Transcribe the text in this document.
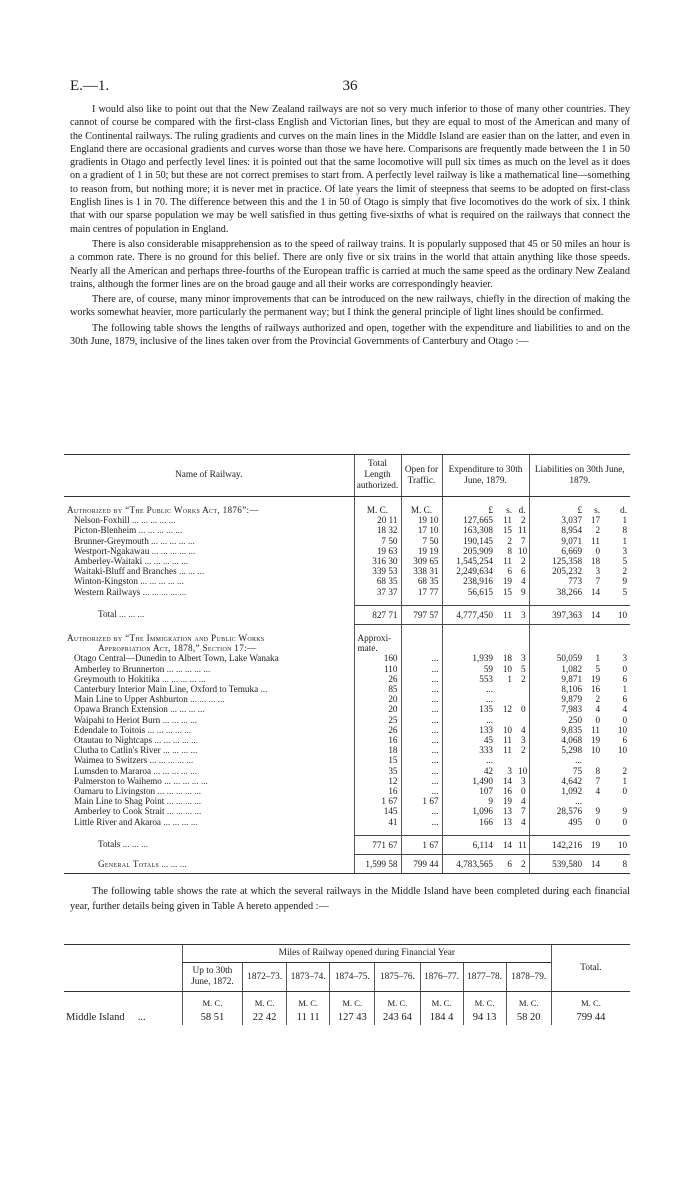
E.—1.	36

I would also like to point out that the New Zealand railways are not so very much inferior to those of many other countries. They cannot of course be compared with the first-class English and Victorian lines, but they are equal to most of the American and many of the Continental railways. The ruling gradients and curves on the main lines in the Middle Island are easier than on the latter, and even in England there are occasional gradients and curves worse than those we have here. Comparisons are frequently made between the 1 in 50 gradients in Otago and perfectly level lines: it is pointed out that the same locomotive will pull six times as much on the level as it does on a gradient of 1 in 50; but these are not correct premises to start from. A perfectly level railway is like a mathematical line—something to reason from, but nothing more; it is never met in practice. Of late years the limit of steepness that seems to be adopted on first-class English lines is 1 in 70. The difference between this and the 1 in 50 of Otago is simply that five locomotives do the work of six. I think that with our sparse population we may be well satisfied in thus getting five-sixths of what is required on the railways that connect the main centres of population in England.

There is also considerable misapprehension as to the speed of railway trains. It is popularly supposed that 45 or 50 miles an hour is a common rate. There is no ground for this belief. There are only five or six trains in the world that attain anything like those speeds. Nearly all the American and perhaps three-fourths of the European traffic is carried at much the same speed as the ordinary New Zealand trains, although the former lines are on the broad gauge and all their works are correspondingly heavier.

There are, of course, many minor improvements that can be introduced on the new railways, chiefly in the direction of making the works somewhat heavier, more particularly the permanent way; but I think the general principle of light lines should be confirmed.

The following table shows the lengths of railways authorized and open, together with the expenditure and liabilities to and on the 30th June, 1879, inclusive of the lines taken over from the Provincial Governments of Canterbury and Otago :—

Name of Railway.	Total Length authorized.	Open for Traffic.	Expenditure to 30th June, 1879.			Liabilities on 30th June, 1879.		

Authorized by “The Public Works Act, 1876”:—	M. C.	M. C.	£	s.	d.	£	s.	d.
Nelson-Foxhill ... ... ... ... ...	20 11	19 10	127,665	11	2	3,037	17	1
Picton-Blenheim ... ... ... ... ...	18 32	17 10	163,308	15	11	8,954	2	8
Brunner-Greymouth ... ... ... ... ...	7 50	7 50	190,145	2	7	9,071	11	1
Westport-Ngakawau ... ... ... ... ...	19 63	19 19	205,909	8	10	6,669	0	3
Amberley-Waitaki ... ... ... ... ...	316 30	309 65	1,545,254	11	2	125,358	18	5
Waitaki-Bluff and Branches ... ... ...	339 53	338 31	2,249,634	6	6	205,232	3	2
Winton-Kingston ... ... ... ... ...	68 35	68 35	238,916	19	4	773	7	9
Western Railways ... ... ... ... ...	37 37	17 77	56,615	15	9	38,266	14	5

Total ... ... ...	827 71	797 57	4,777,450	11	3	397,363	14	10

Authorized by “The Immigration and Public Works	Approxi-							
Appropriation Act, 1878,” Section 17:—	mate.							
Otago Central—Dunedin to Albert Town, Lake Wanaka	160	...	1,939	18	3	50,059	1	3
Amberley to Brunnerton ... ... ... ... ...	110	...	59	10	5	1,082	5	0
Greymouth to Hokitika ... ... ... ... ...	26	...	553	1	2	9,871	19	6
Canterbury Interior Main Line, Oxford to Temuka ...	85	...	...			8,106	16	1
Main Line to Upper Ashburton ... ... ... ...	20	...	...			9,879	2	6
Opawa Branch Extension ... ... ... ...	20	...	135	12	0	7,983	4	4
Waipahi to Heriot Burn ... ... ... ...	25	...	...			250	0	0
Edendale to Toitois ... ... ... ... ...	26	...	133	10	4	9,835	11	10
Otautau to Nightcaps ... ... ... ... ...	16	...	45	11	3	4,068	19	6
Clutha to Catlin's River ... ... ... ...	18	...	333	11	2	5,298	10	10
Waimea to Switzers ... ... ... ... ...	15	...	...			...		
Lumsden to Mararoa ... ... ... ... ...	35	...	42	3	10	75	8	2
Palmerston to Waihemo ... ... ... ... ...	12	...	1,490	14	3	4,642	7	1
Oamaru to Livingston ... ... ... ... ...	16	...	107	16	0	1,092	4	0
Main Line to Shag Point ... ... ... ...	1 67	1 67	9	19	4	...		
Amberley to Cook Strait ... ... ... ...	145	...	1,096	13	7	28,576	9	9
Little River and Akaroa ... ... ... ...	41	...	166	13	4	495	0	0

Totals ... ... ...	771 67	1 67	6,114	14	11	142,216	19	10
General Totals ... ... ...	1,599 58	799 44	4,783,565	6	2	539,580	14	8
The following table shows the rate at which the several railways in the Middle Island have been completed during each financial year, further details being given in Table A hereto appended :—
	Miles of Railway opened during Financial Year								Total.
	Up to 30th June, 1872.	1872–73.	1873–74.	1874–75.	1875–76.	1876–77.	1877–78.	1878–79.	
	M. C.	M. C.	M. C.	M. C.	M. C.	M. C.	M. C.	M. C.	M. C.
Middle Island ...	58 51	22 42	11 11	127 43	243 64	184 4	94 13	58 20	799 44
